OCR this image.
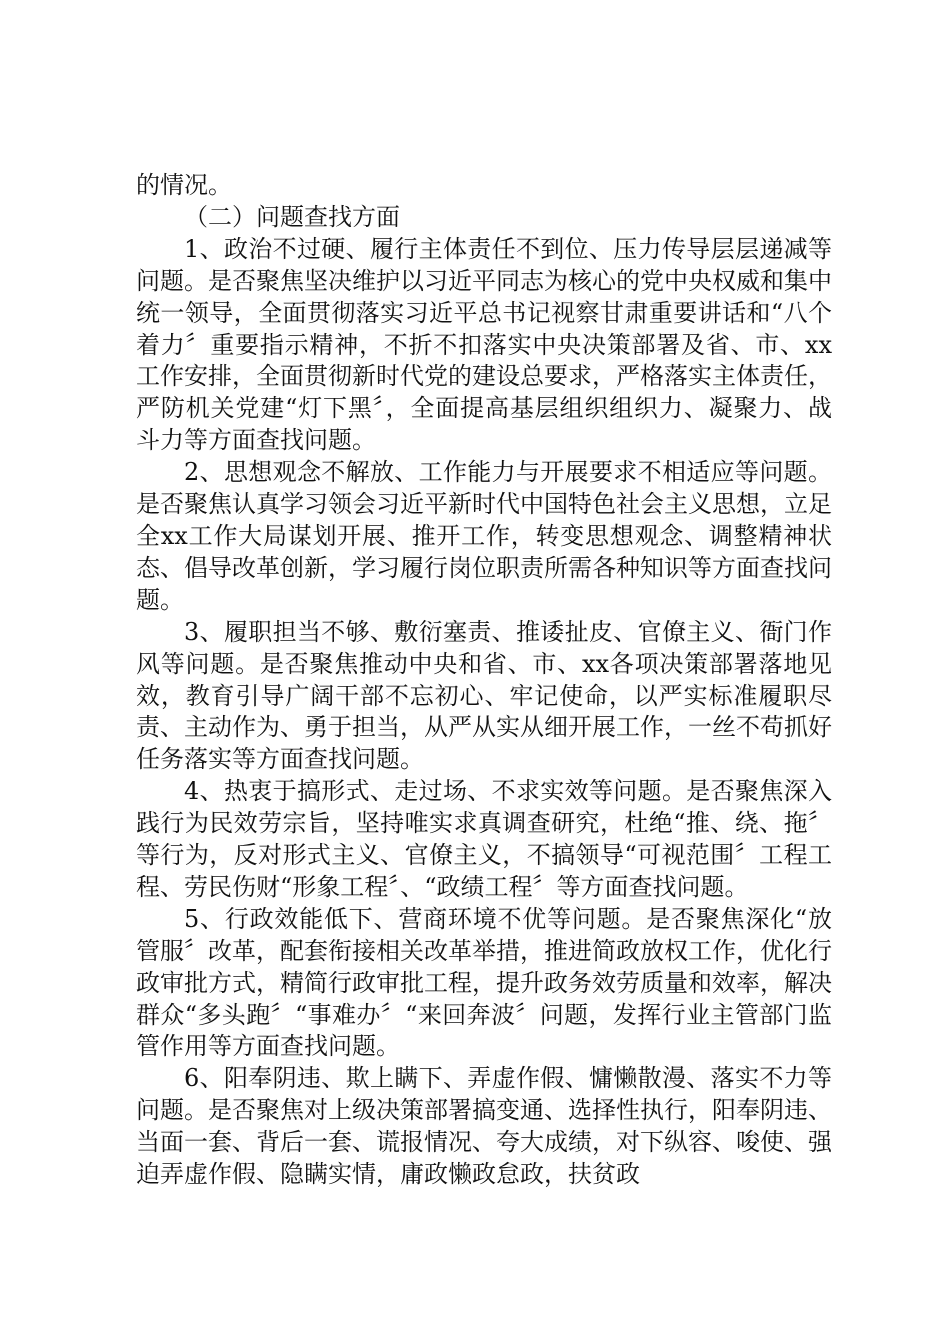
的情况。

（二）问题查找方面

1、政治不过硬、履行主体责任不到位、压力传导层层递减等问题。是否聚焦坚决维护以习近平同志为核心的党中央权威和集中统一领导，全面贯彻落实习近平总书记视察甘肃重要讲话和“八个着力〞重要指示精神，不折不扣落实中央决策部署及省、市、xx工作安排，全面贯彻新时代党的建设总要求，严格落实主体责任，严防机关党建“灯下黑〞，全面提高基层组织组织力、凝聚力、战斗力等方面查找问题。

2、思想观念不解放、工作能力与开展要求不相适应等问题。是否聚焦认真学习领会习近平新时代中国特色社会主义思想，立足全xx工作大局谋划开展、推开工作，转变思想观念、调整精神状态、倡导改革创新，学习履行岗位职责所需各种知识等方面查找问题。

3、履职担当不够、敷衍塞责、推诿扯皮、官僚主义、衙门作风等问题。是否聚焦推动中央和省、市、xx各项决策部署落地见效，教育引导广阔干部不忘初心、牢记使命，以严实标准履职尽责、主动作为、勇于担当，从严从实从细开展工作，一丝不苟抓好任务落实等方面查找问题。

4、热衷于搞形式、走过场、不求实效等问题。是否聚焦深入践行为民效劳宗旨，坚持唯实求真调查研究，杜绝“推、绕、拖〞等行为，反对形式主义、官僚主义，不搞领导“可视范围〞工程工程、劳民伤财“形象工程〞、“政绩工程〞等方面查找问题。

5、行政效能低下、营商环境不优等问题。是否聚焦深化“放管服〞改革，配套衔接相关改革举措，推进简政放权工作，优化行政审批方式，精简行政审批工程，提升政务效劳质量和效率，解决群众“多头跑〞“事难办〞“来回奔波〞问题，发挥行业主管部门监管作用等方面查找问题。

6、阳奉阴违、欺上瞒下、弄虚作假、慵懒散漫、落实不力等问题。是否聚焦对上级决策部署搞变通、选择性执行，阳奉阴违、当面一套、背后一套、谎报情况、夸大成绩，对下纵容、唆使、强迫弄虚作假、隐瞒实情，庸政懒政怠政，扶贫政
